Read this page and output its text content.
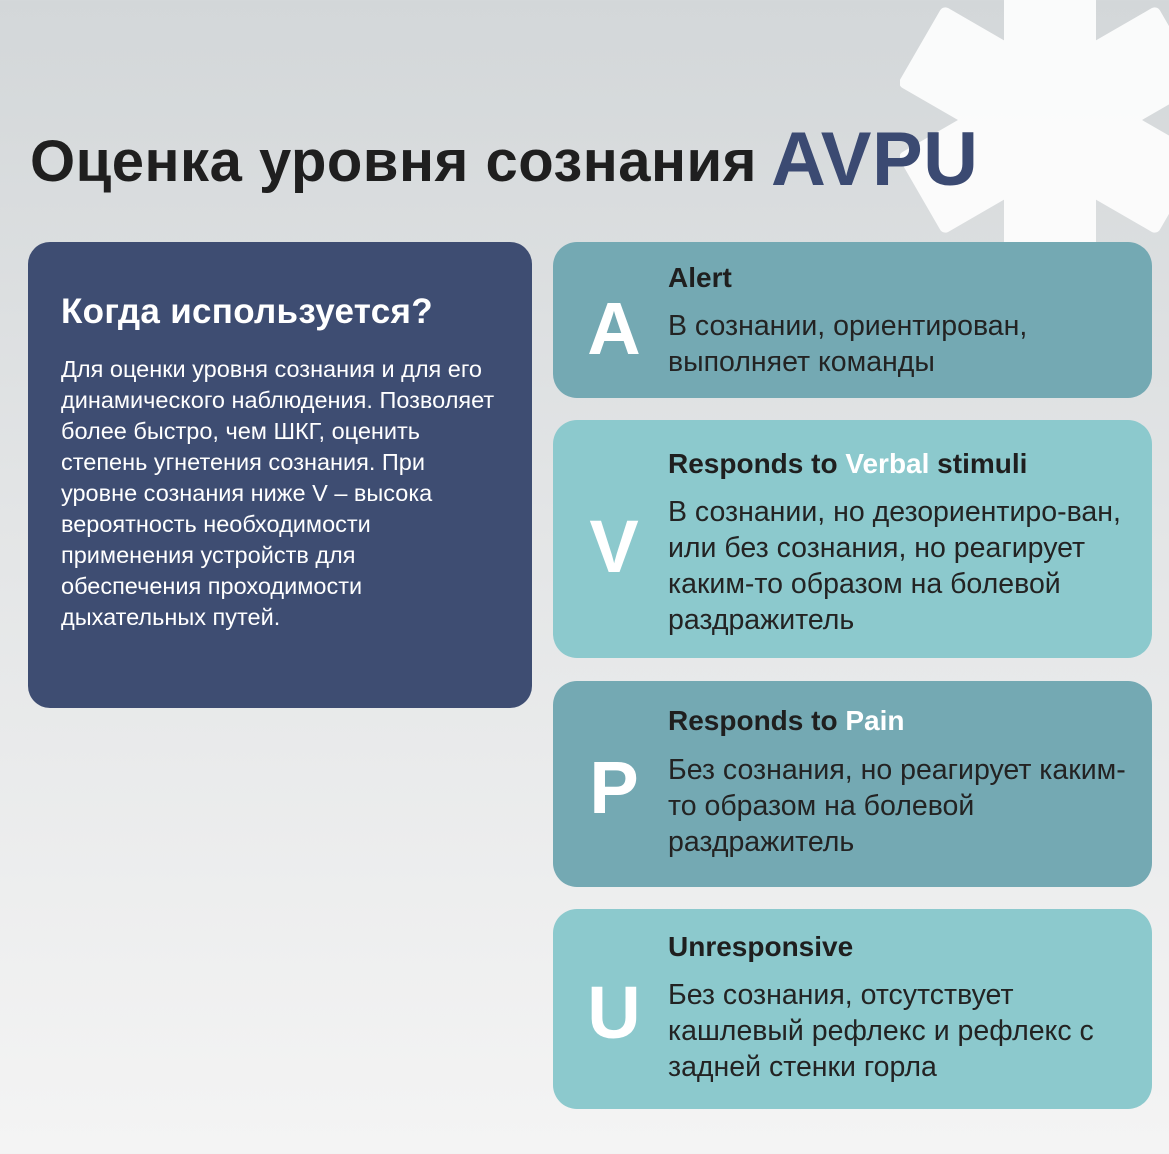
Оценка уровня сознания AVPU
Когда используется?

Для оценки уровня сознания и для его динамического наблюдения. Позволяет более быстро, чем ШКГ, оценить степень угнетения сознания. При уровне сознания ниже V – высока вероятность необходимости применения устройств для обеспечения проходимости дыхательных путей.

A
Alert

В сознании, ориентирован, выполняет команды

V
Responds to Verbal stimuli

В сознании, но дезориентиро-ван, или без сознания, но реагирует каким-то образом на болевой раздражитель

P
Responds to Pain

Без сознания, но реагирует каким-то образом на болевой раздражитель

U
Unresponsive

Без сознания, отсутствует кашлевый рефлекс и рефлекс с задней стенки горла
